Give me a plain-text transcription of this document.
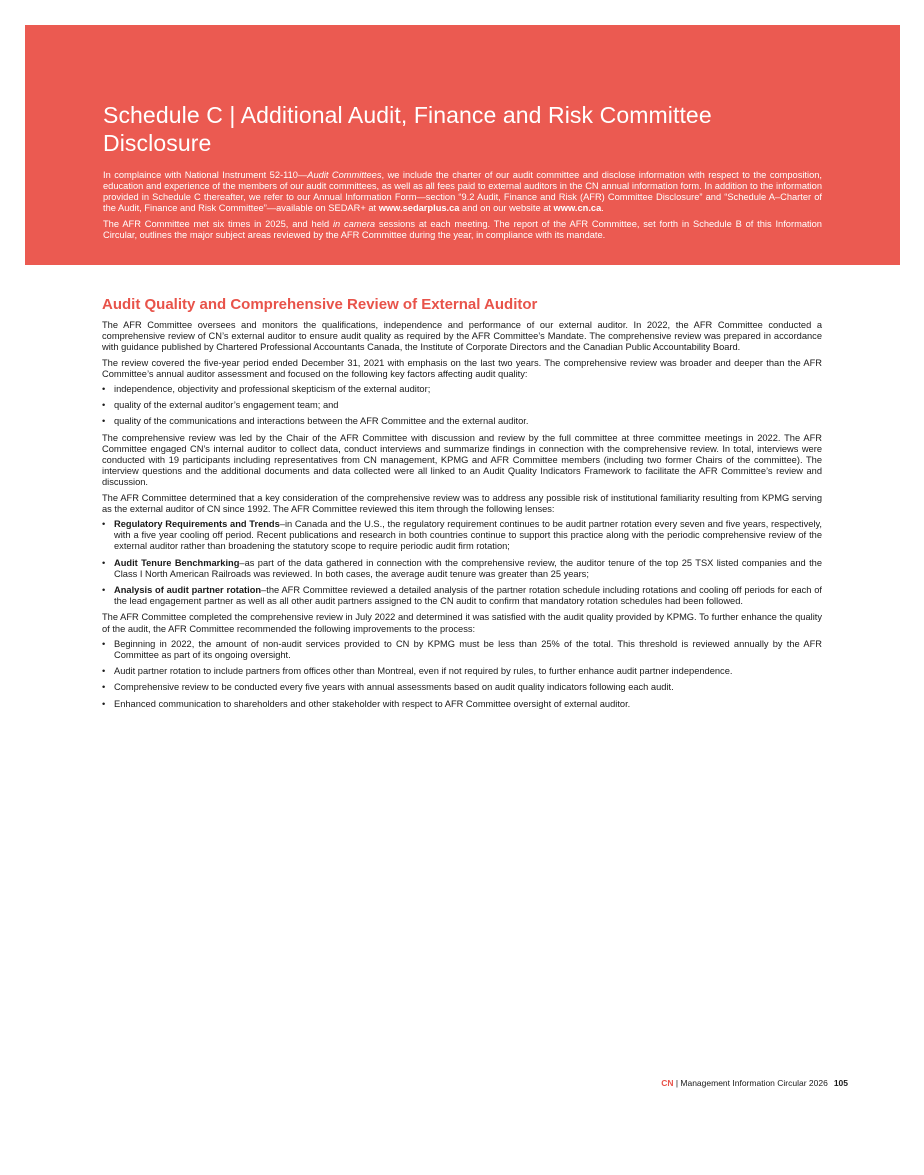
Schedule C | Additional Audit, Finance and Risk Committee Disclosure

In complaince with National Instrument 52-110—Audit Committees, we include the charter of our audit committee and disclose information with respect to the composition, education and experience of the members of our audit committees, as well as all fees paid to external auditors in the CN annual information form. In addition to the information provided in Schedule C thereafter, we refer to our Annual Information Form—section “9.2 Audit, Finance and Risk (AFR) Committee Disclosure” and “Schedule A–Charter of the Audit, Finance and Risk Committee”—available on SEDAR+ at www.sedarplus.ca and on our website at www.cn.ca.

The AFR Committee met six times in 2025, and held in camera sessions at each meeting. The report of the AFR Committee, set forth in Schedule B of this Information Circular, outlines the major subject areas reviewed by the AFR Committee during the year, in compliance with its mandate.

Audit Quality and Comprehensive Review of External Auditor

The AFR Committee oversees and monitors the qualifications, independence and performance of our external auditor. In 2022, the AFR Committee conducted a comprehensive review of CN’s external auditor to ensure audit quality as required by the AFR Committee’s Mandate. The comprehensive review was prepared in accordance with guidance published by Chartered Professional Accountants Canada, the Institute of Corporate Directors and the Canadian Public Accountability Board.

The review covered the five-year period ended December 31, 2021 with emphasis on the last two years. The comprehensive review was broader and deeper than the AFR Committee’s annual auditor assessment and focused on the following key factors affecting audit quality:

• independence, objectivity and professional skepticism of the external auditor;
• quality of the external auditor’s engagement team; and
• quality of the communications and interactions between the AFR Committee and the external auditor.

The comprehensive review was led by the Chair of the AFR Committee with discussion and review by the full committee at three committee meetings in 2022. The AFR Committee engaged CN’s internal auditor to collect data, conduct interviews and summarize findings in connection with the comprehensive review. In total, interviews were conducted with 19 participants including representatives from CN management, KPMG and AFR Committee members (including two former Chairs of the committee). The interview questions and the additional documents and data collected were all linked to an Audit Quality Indicators Framework to facilitate the AFR Committee’s review and discussion.

The AFR Committee determined that a key consideration of the comprehensive review was to address any possible risk of institutional familiarity resulting from KPMG serving as the external auditor of CN since 1992. The AFR Committee reviewed this item through the following lenses:

• Regulatory Requirements and Trends–in Canada and the U.S., the regulatory requirement continues to be audit partner rotation every seven and five years, respectively, with a five year cooling off period. Recent publications and research in both countries continue to support this practice along with the periodic comprehensive review of the external auditor rather than broadening the statutory scope to require periodic audit firm rotation;
• Audit Tenure Benchmarking–as part of the data gathered in connection with the comprehensive review, the auditor tenure of the top 25 TSX listed companies and the Class I North American Railroads was reviewed. In both cases, the average audit tenure was greater than 25 years;
• Analysis of audit partner rotation–the AFR Committee reviewed a detailed analysis of the partner rotation schedule including rotations and cooling off periods for each of the lead engagement partner as well as all other audit partners assigned to the CN audit to confirm that mandatory rotation schedules had been followed.

The AFR Committee completed the comprehensive review in July 2022 and determined it was satisfied with the audit quality provided by KPMG. To further enhance the quality of the audit, the AFR Committee recommended the following improvements to the process:

• Beginning in 2022, the amount of non-audit services provided to CN by KPMG must be less than 25% of the total. This threshold is reviewed annually by the AFR Committee as part of its ongoing oversight.
• Audit partner rotation to include partners from offices other than Montreal, even if not required by rules, to further enhance audit partner independence.
• Comprehensive review to be conducted every five years with annual assessments based on audit quality indicators following each audit.
• Enhanced communication to shareholders and other stakeholder with respect to AFR Committee oversight of external auditor.
CN | Management Information Circular 2026 105
